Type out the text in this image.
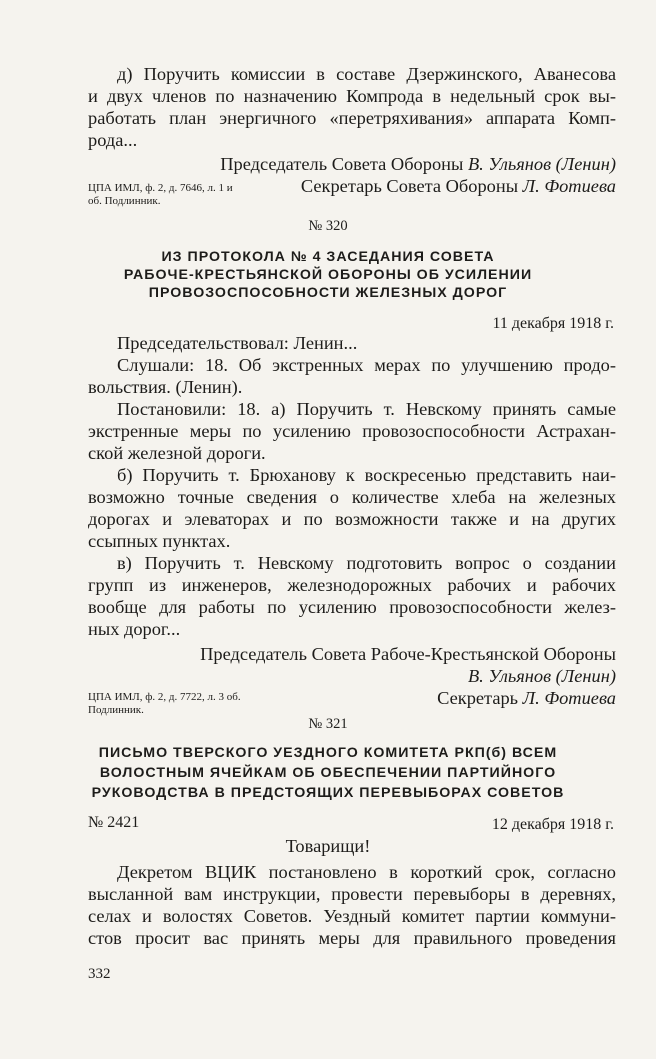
д) Поручить комиссии в составе Дзержинского, Аванесова
и двух членов по назначению Компрода в недельный срок вы-
работать план энергичного «перетряхивания» аппарата Комп-
рода...
Председатель Совета Обороны В. Ульянов (Ленин)
Секретарь Совета Обороны Л. Фотиева
ЦПА ИМЛ, ф. 2, д. 7646, л. 1 и
об. Подлинник.
№ 320
ИЗ ПРОТОКОЛА № 4 ЗАСЕДАНИЯ СОВЕТА
РАБОЧЕ-КРЕСТЬЯНСКОЙ ОБОРОНЫ ОБ УСИЛЕНИИ
ПРОВОЗОСПОСОБНОСТИ ЖЕЛЕЗНЫХ ДОРОГ
11 декабря 1918 г.
Председательствовал: Ленин...
Слушали: 18. Об экстренных мерах по улучшению продо-
вольствия. (Ленин).
Постановили: 18. а) Поручить т. Невскому принять самые
экстренные меры по усилению провозоспособности Астрахан-
ской железной дороги.
б) Поручить т. Брюханову к воскресенью представить наи-
возможно точные сведения о количестве хлеба на железных
дорогах и элеваторах и по возможности также и на других
ссыпных пунктах.
в) Поручить т. Невскому подготовить вопрос о создании
групп из инженеров, железнодорожных рабочих и рабочих
вообще для работы по усилению провозоспособности желез-
ных дорог...
Председатель Совета Рабоче-Крестьянской Обороны
В. Ульянов (Ленин)
Секретарь Л. Фотиева
ЦПА ИМЛ, ф. 2, д. 7722, л. 3 об.
Подлинник.
№ 321
ПИСЬМО ТВЕРСКОГО УЕЗДНОГО КОМИТЕТА РКП(б) ВСЕМ
ВОЛОСТНЫМ ЯЧЕЙКАМ ОБ ОБЕСПЕЧЕНИИ ПАРТИЙНОГО
РУКОВОДСТВА В ПРЕДСТОЯЩИХ ПЕРЕВЫБОРАХ СОВЕТОВ
№ 2421	12 декабря 1918 г.
Товарищи!
Декретом ВЦИК постановлено в короткий срок, согласно
высланной вам инструкции, провести перевыборы в деревнях,
селах и волостях Советов. Уездный комитет партии коммуни-
стов просит вас принять меры для правильного проведения
332
